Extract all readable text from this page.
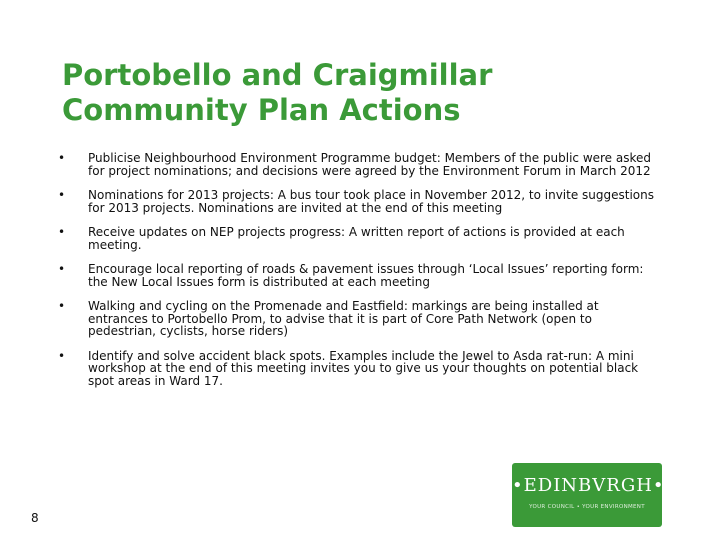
Portobello and Craigmillar
Community Plan Actions
• Publicise Neighbourhood Environment Programme budget: Members of the public were asked for project nominations; and decisions were agreed by the Environment Forum in March 2012
• Nominations for 2013 projects: A bus tour took place in November 2012, to invite suggestions for 2013 projects. Nominations are invited at the end of this meeting
• Receive updates on NEP projects progress: A written report of actions is provided at each meeting.
• Encourage local reporting of roads & pavement issues through ‘Local Issues’ reporting form: the New Local Issues form is distributed at each meeting
• Walking and cycling on the Promenade and Eastfield: markings are being installed at entrances to Portobello Prom, to advise that it is part of Core Path Network (open to pedestrian, cyclists, horse riders)
• Identify and solve accident black spots. Examples include the Jewel to Asda rat-run: A mini workshop at the end of this meeting invites you to give us your thoughts on potential black spot areas in Ward 17.
8
•EDINBVRGH•
YOUR COUNCIL • YOUR ENVIRONMENT
